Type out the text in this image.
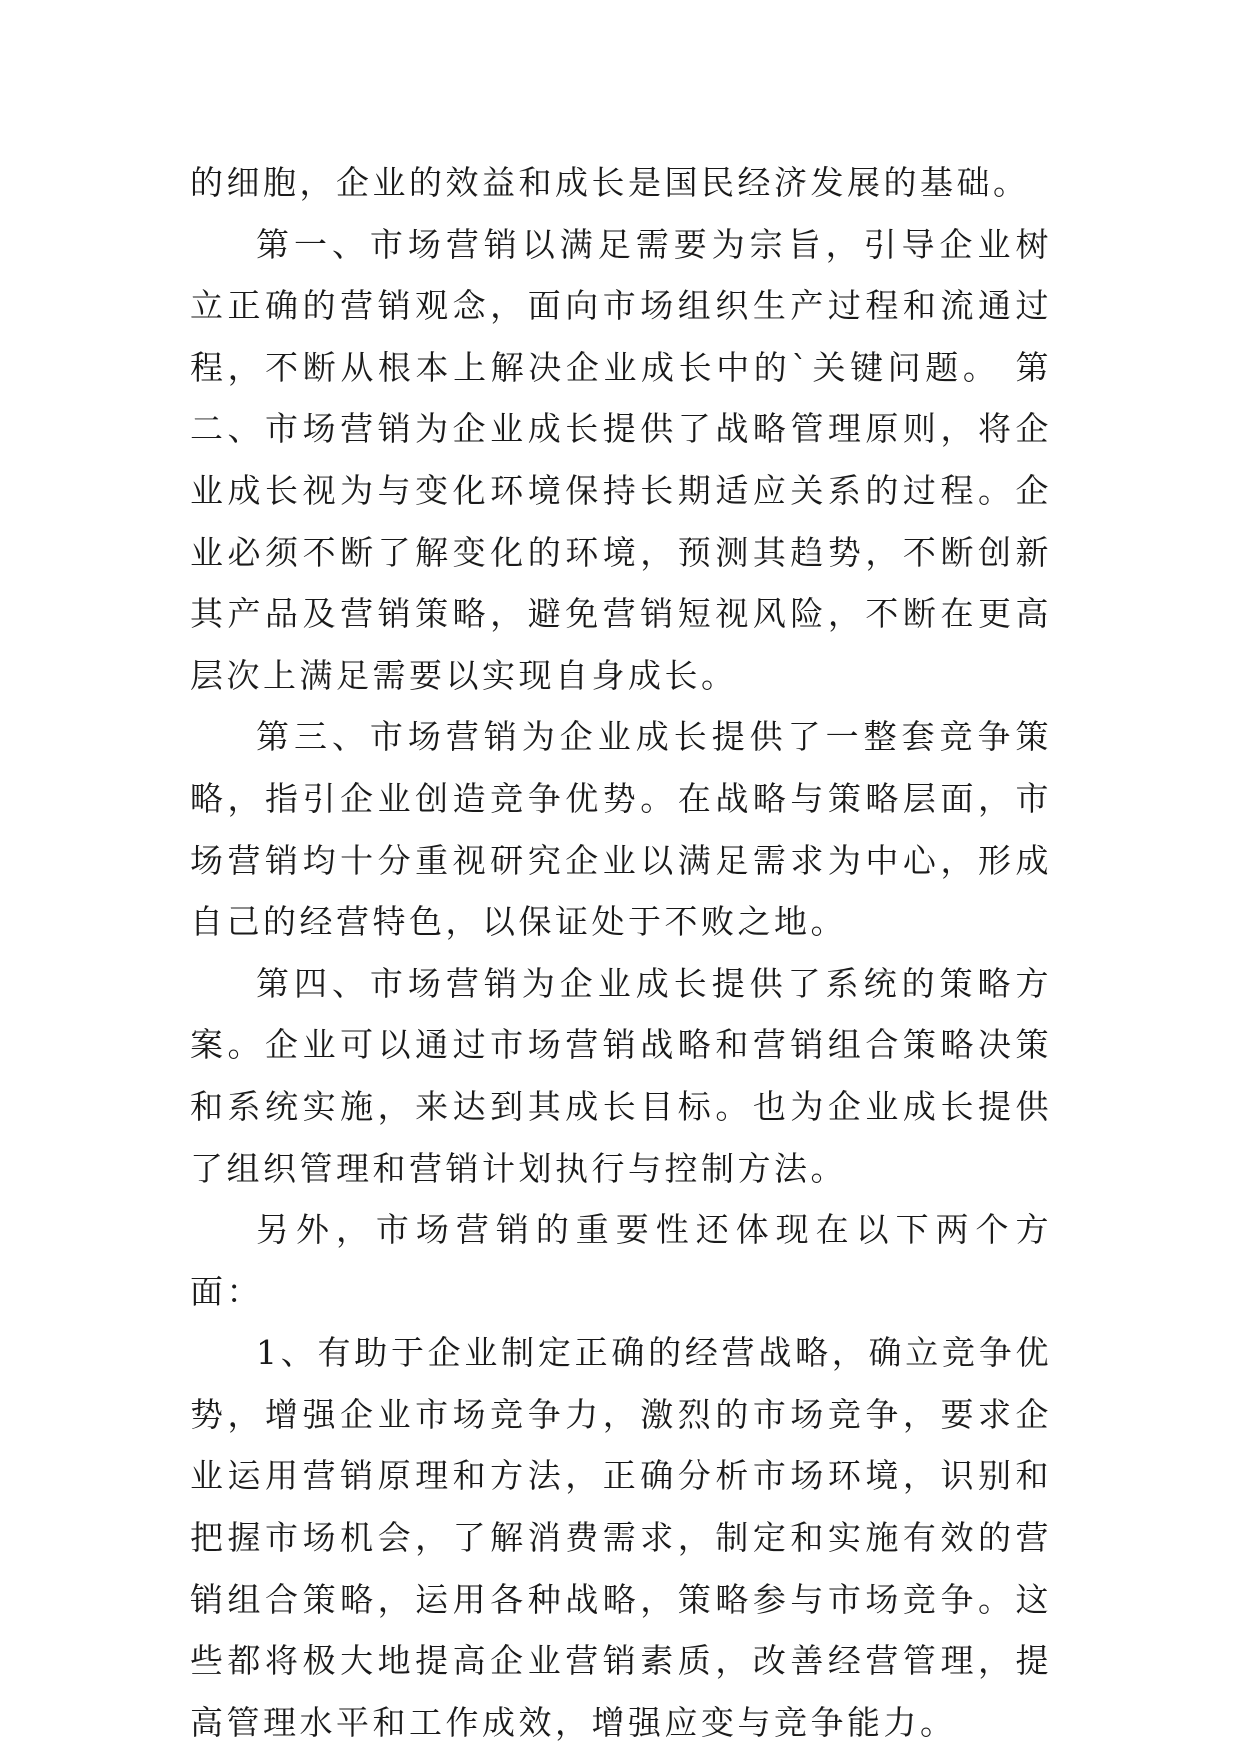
的细胞，企业的效益和成长是国民经济发展的基础。

第一、市场营销以满足需要为宗旨，引导企业树立正确的营销观念，面向市场组织生产过程和流通过程，不断从根本上解决企业成长中的`关键问题。 第二、市场营销为企业成长提供了战略管理原则，将企业成长视为与变化环境保持长期适应关系的过程。企业必须不断了解变化的环境，预测其趋势，不断创新其产品及营销策略，避免营销短视风险，不断在更高层次上满足需要以实现自身成长。

第三、市场营销为企业成长提供了一整套竞争策略，指引企业创造竞争优势。在战略与策略层面，市场营销均十分重视研究企业以满足需求为中心，形成自己的经营特色，以保证处于不败之地。

第四、市场营销为企业成长提供了系统的策略方案。企业可以通过市场营销战略和营销组合策略决策和系统实施，来达到其成长目标。也为企业成长提供了组织管理和营销计划执行与控制方法。

另外，市场营销的重要性还体现在以下两个方面：

1、有助于企业制定正确的经营战略，确立竞争优势，增强企业市场竞争力，激烈的市场竞争，要求企业运用营销原理和方法，正确分析市场环境，识别和把握市场机会，了解消费需求，制定和实施有效的营销组合策略，运用各种战略，策略参与市场竞争。这些都将极大地提高企业营销素质，改善经营管理，提高管理水平和工作成效，增强应变与竞争能力。
